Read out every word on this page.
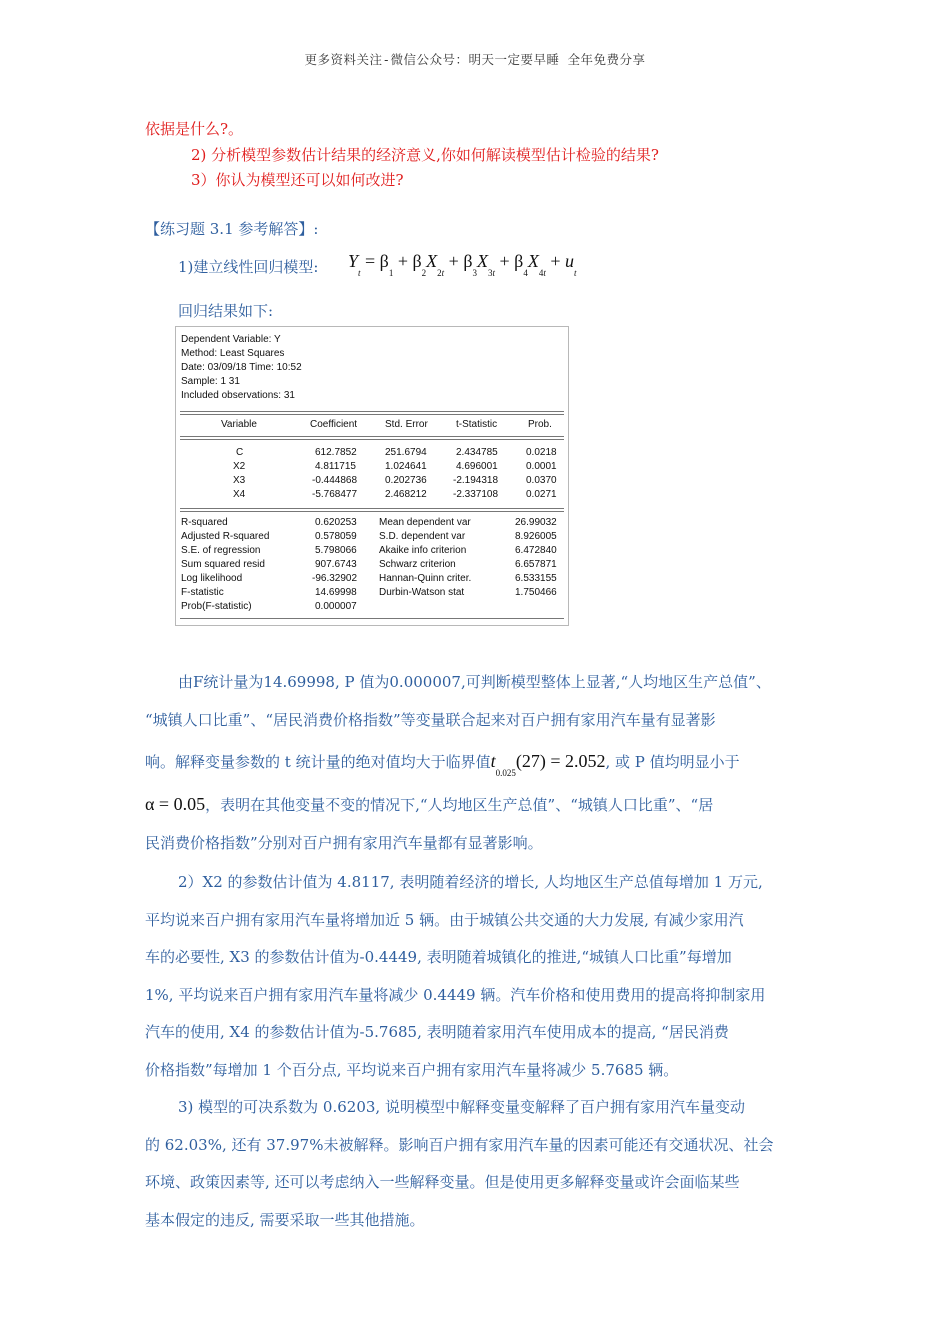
更多资料关注-微信公众号：明天一定要早睡 全年免费分享
依据是什么?。
2) 分析模型参数估计结果的经济意义,你如何解读模型估计检验的结果?
3）你认为模型还可以如何改进?
【练习题 3.1 参考解答】:
1)建立线性回归模型: $Y_t = \beta_1 + \beta_2X_{2t} + \beta_3X_{3t} + \beta_4X_{4t} + u_t$
回归结果如下:
Dependent Variable: Y
Method: Least Squares
Date: 03/09/18 Time: 10:52
Sample: 1 31
Included observations: 31
Variable	Coefficient	Std. Error	t-Statistic	Prob.
C	612.7852	251.6794	2.434785	0.0218
X2	4.811715	1.024641	4.696001	0.0001
X3	-0.444868	0.202736	-2.194318	0.0370
X4	-5.768477	2.468212	-2.337108	0.0271
R-squared	0.620253 Mean dependent var	26.99032
Adjusted R-squared	0.578059 S.D. dependent var	8.926005
S.E. of regression	5.798066 Akaike info criterion	6.472840
Sum squared resid	907.6743 Schwarz criterion	6.657871
Log likelihood	-96.32902 Hannan-Quinn criter.	6.533155
F-statistic	14.69998 Durbin-Watson stat	1.750466
Prob(F-statistic)	0.000007

由F统计量为14.69998, P 值为0.000007,可判断模型整体上显著,“人均地区生产总值”、

“城镇人口比重”、“居民消费价格指数”等变量联合起来对百户拥有家用汽车量有显著影

响。解释变量参数的 t 统计量的绝对值均大于临界值$t_{0.025}(27) = 2.052$, 或 P 值均明显小于

α = 0.05，表明在其他变量不变的情况下,“人均地区生产总值”、“城镇人口比重”、“居

民消费价格指数”分别对百户拥有家用汽车量都有显著影响。

2）X2 的参数估计值为 4.8117, 表明随着经济的增长, 人均地区生产总值每增加 1 万元,

平均说来百户拥有家用汽车量将增加近 5 辆。由于城镇公共交通的大力发展, 有减少家用汽

车的必要性, X3 的参数估计值为-0.4449, 表明随着城镇化的推进,“城镇人口比重”每增加

1%, 平均说来百户拥有家用汽车量将减少 0.4449 辆。汽车价格和使用费用的提高将抑制家用

汽车的使用, X4 的参数估计值为-5.7685, 表明随着家用汽车使用成本的提高, “居民消费

价格指数”每增加 1 个百分点, 平均说来百户拥有家用汽车量将减少 5.7685 辆。

3) 模型的可决系数为 0.6203, 说明模型中解释变量变解释了百户拥有家用汽车量变动

的 62.03%, 还有 37.97%未被解释。影响百户拥有家用汽车量的因素可能还有交通状况、社会

环境、政策因素等, 还可以考虑纳入一些解释变量。但是使用更多解释变量或许会面临某些

基本假定的违反, 需要采取一些其他措施。
